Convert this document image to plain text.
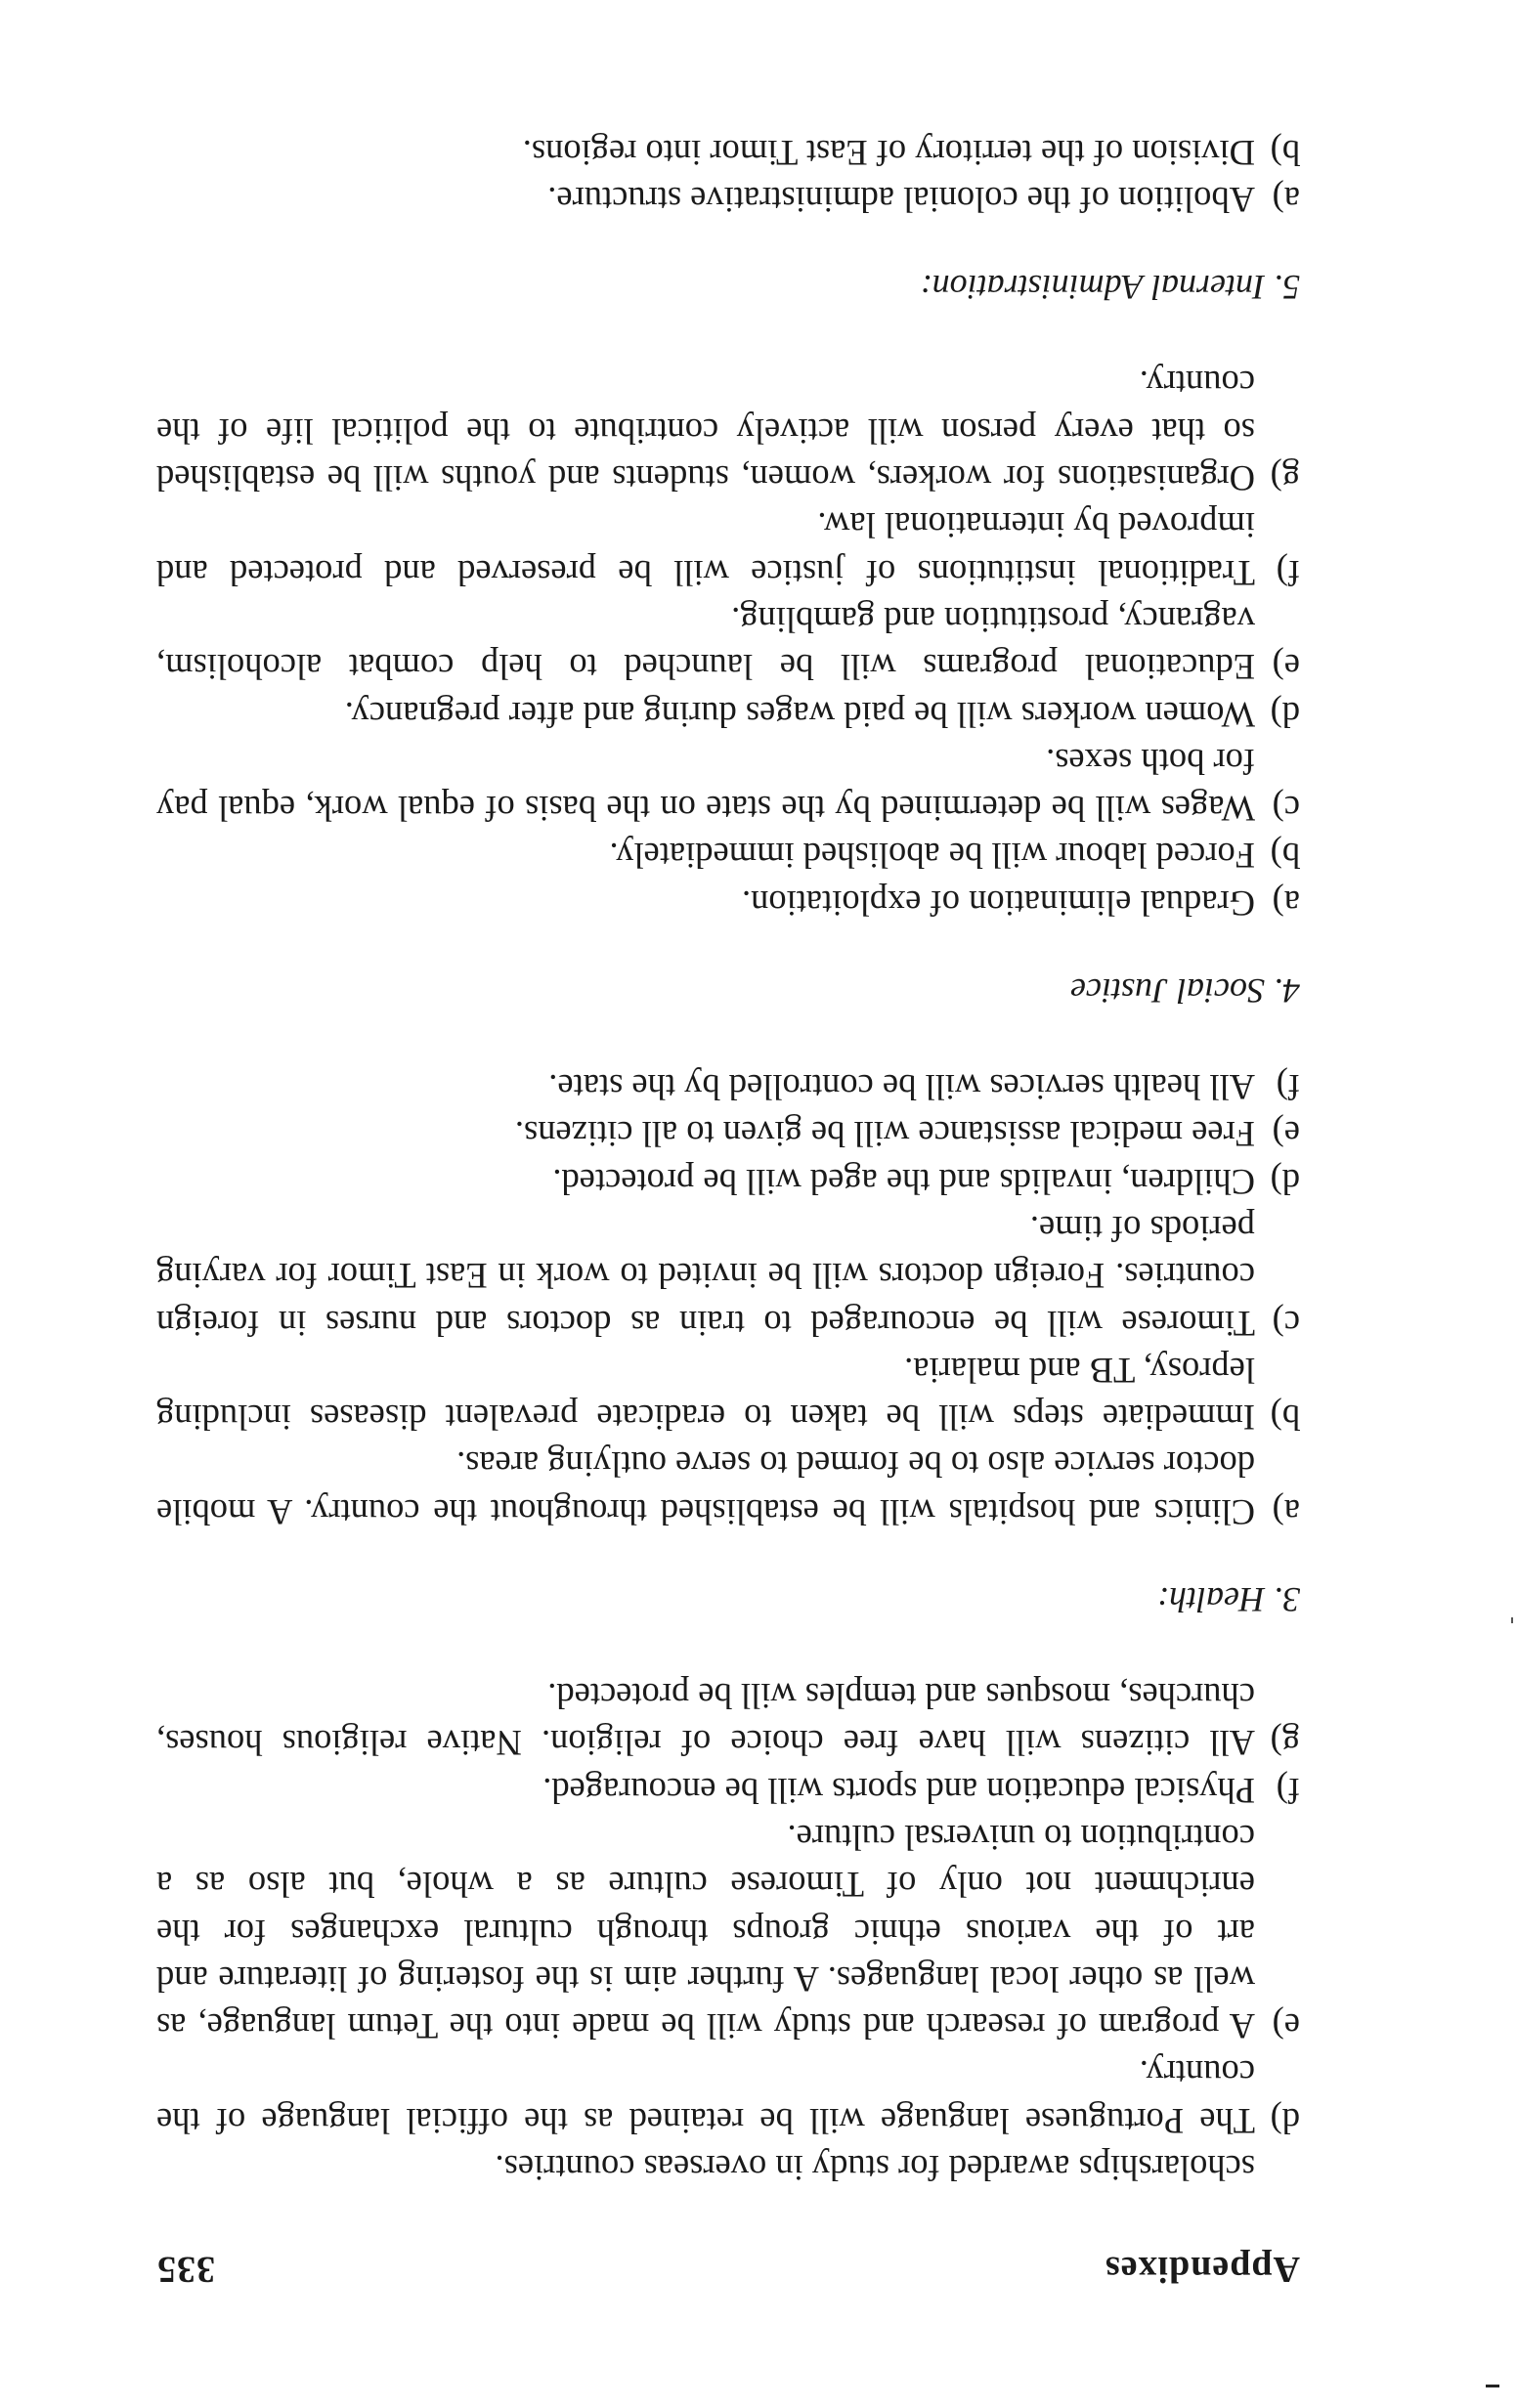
Appendixes
335
scholarships awarded for study in overseas countries.
d)
The Portuguese language will be retained as the official language of the country.
e)
A program of research and study will be made into the Tetum language, as well as other local languages. A further aim is the fostering of literature and art of the various ethnic groups through cultural exchanges for the enrichment not only of Timorese culture as a whole, but also as a contribution to universal culture.
f)
Physical education and sports will be encouraged.
g)
All citizens will have free choice of religion. Native religious houses, churches, mosques and temples will be protected.
3. Health:
a)
Clinics and hospitals will be established throughout the country. A mobile doctor service also to be formed to serve outlying areas.
b)
Immediate steps will be taken to eradicate prevalent diseases including leprosy, TB and malaria.
c)
Timorese will be encouraged to train as doctors and nurses in foreign countries. Foreign doctors will be invited to work in East Timor for varying periods of time.
d)
Children, invalids and the aged will be protected.
e)
Free medical assistance will be given to all citizens.
f)
All health services will be controlled by the state.
4. Social Justice
a)
Gradual elimination of exploitation.
b)
Forced labour will be abolished immediately.
c)
Wages will be determined by the state on the basis of equal work, equal pay for both sexes.
d)
Women workers will be paid wages during and after pregnancy.
e)
Educational programs will be launched to help combat alcoholism, vagrancy, prostitution and gambling.
f)
Traditional institutions of justice will be preserved and protected and improved by international law.
g)
Organisations for workers, women, students and youths will be established so that every person will actively contribute to the political life of the country.
5. Internal Administration:
a)
Abolition of the colonial administrative structure.
b)
Division of the territory of East Timor into regions.
